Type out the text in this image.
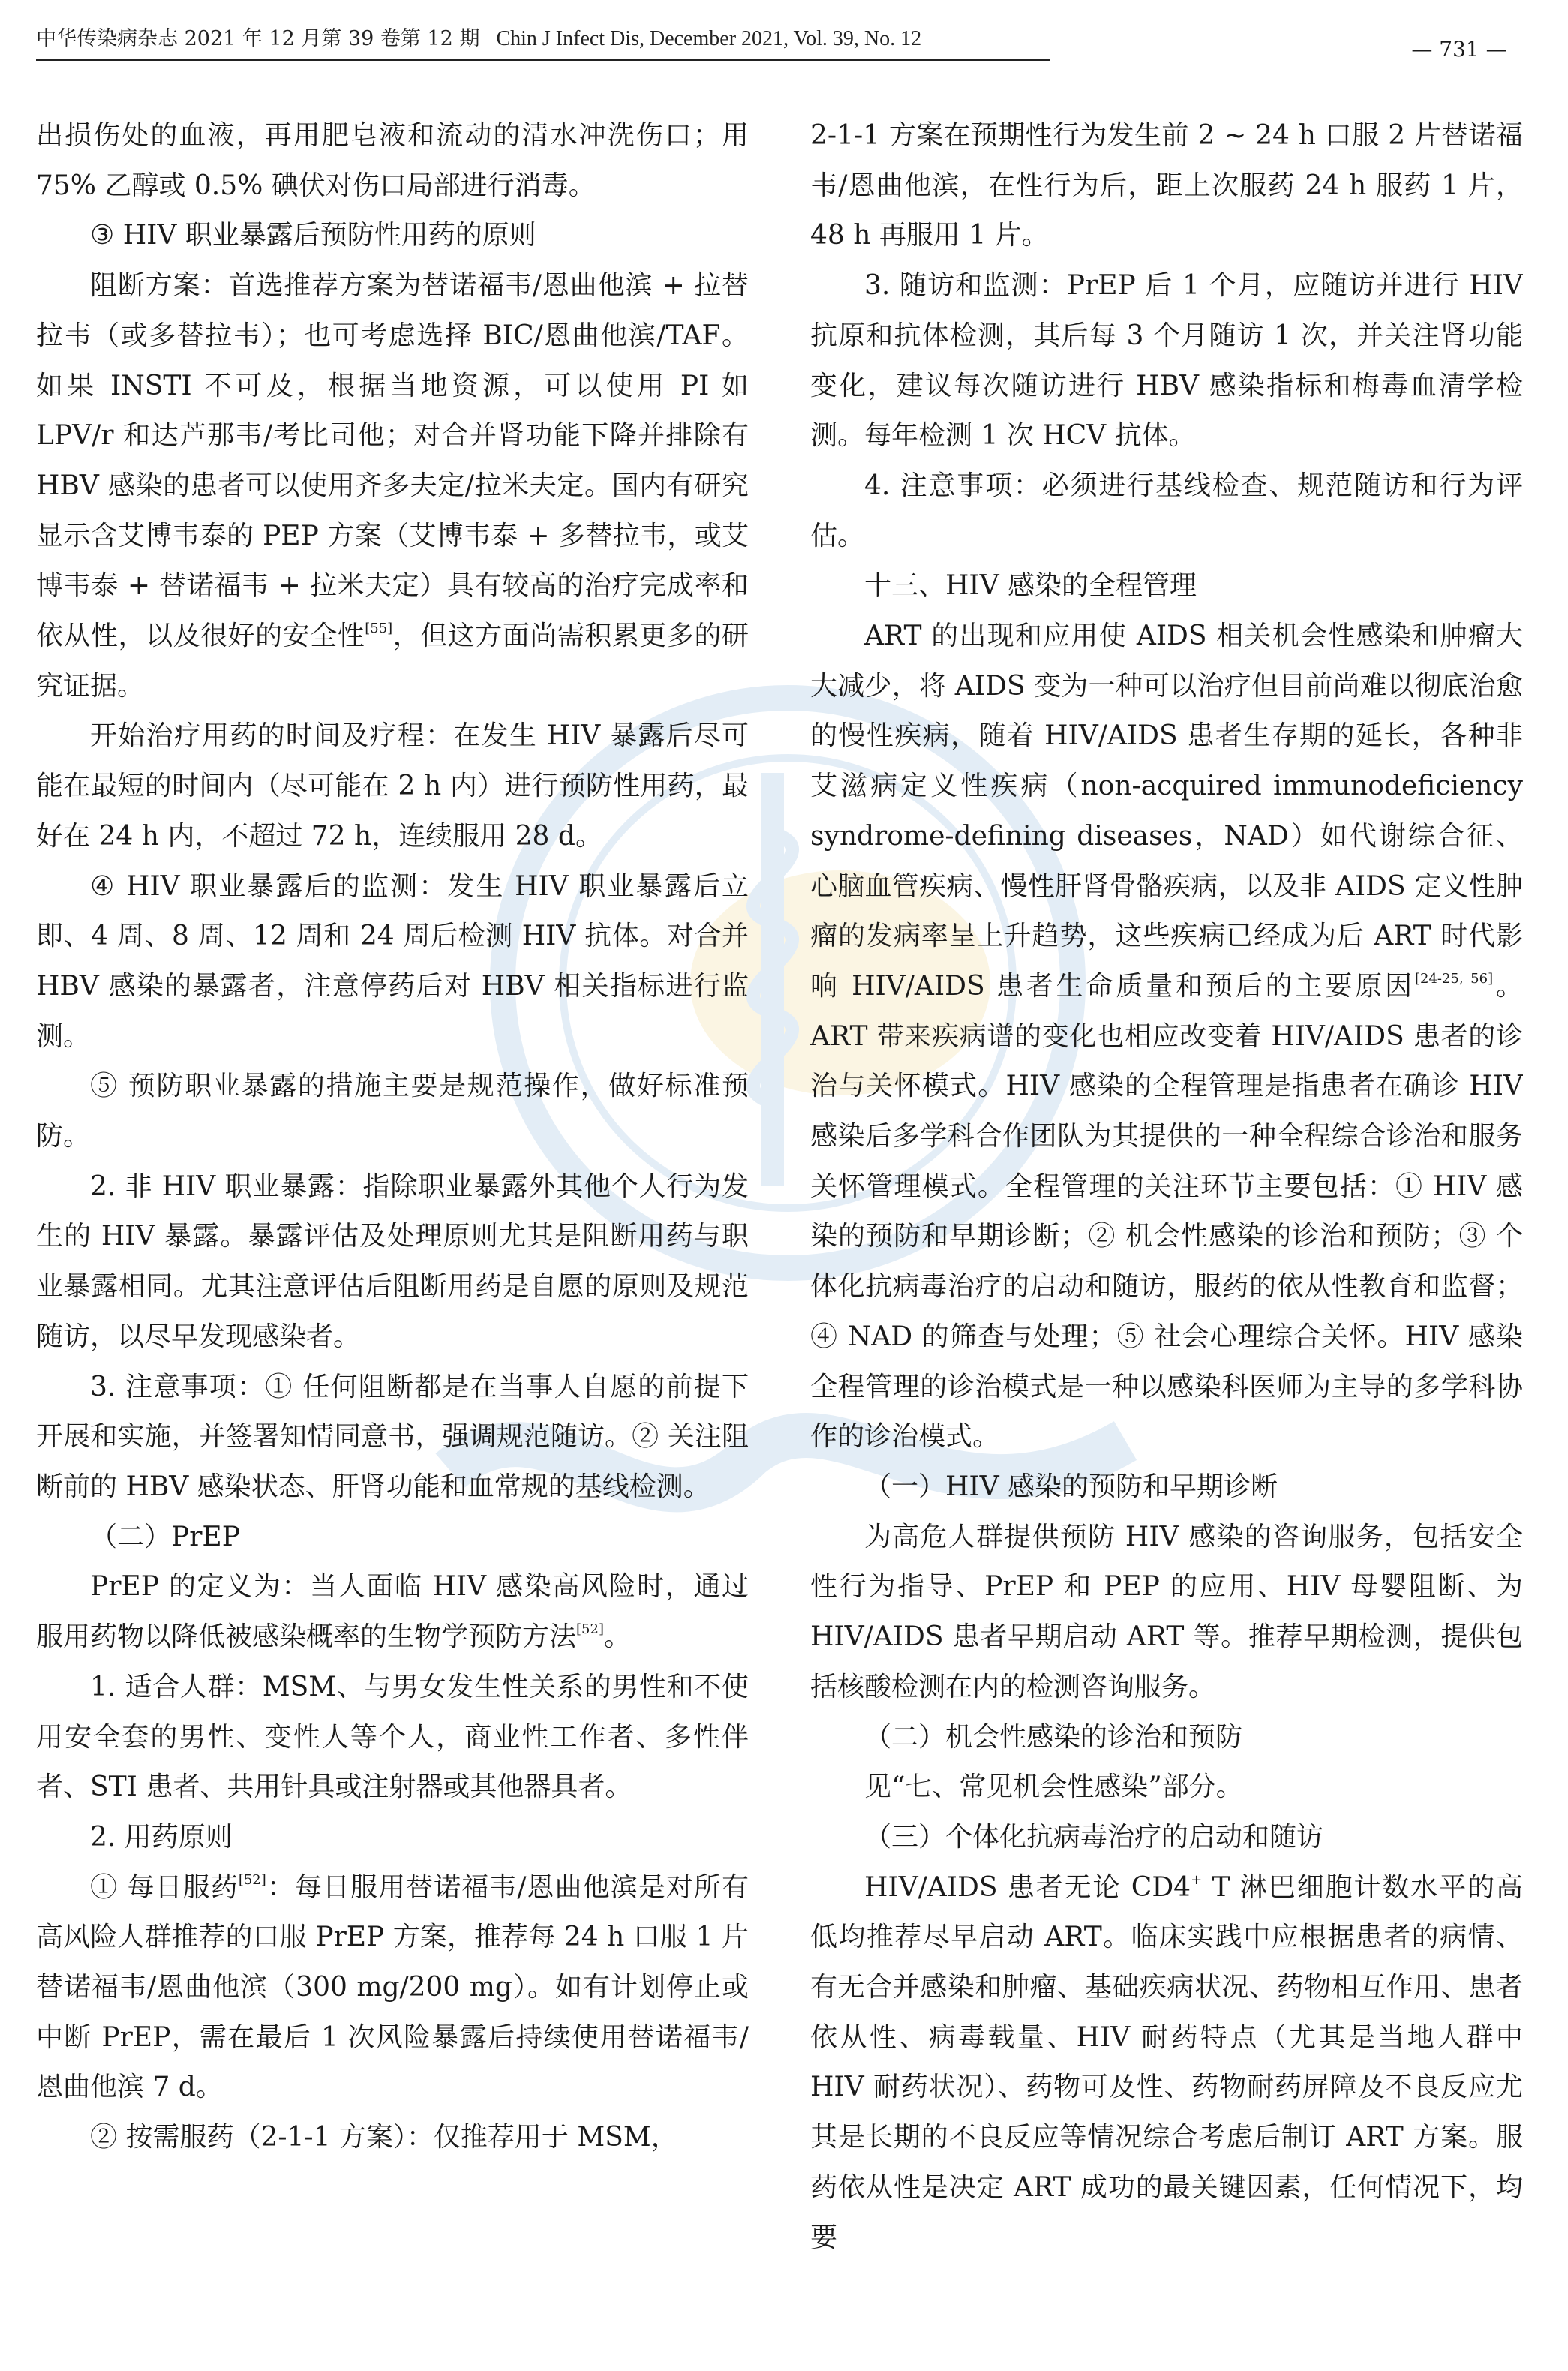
中华传染病杂志 2021 年 12 月第 39 卷第 12 期 Chin J Infect Dis, December 2021, Vol. 39, No. 12	— 731 —

出损伤处的血液，再用肥皂液和流动的清水冲洗伤口；用 75% 乙醇或 0.5% 碘伏对伤口局部进行消毒。

③ HIV 职业暴露后预防性用药的原则

阻断方案：首选推荐方案为替诺福韦/恩曲他滨 + 拉替拉韦（或多替拉韦）；也可考虑选择 BIC/恩曲他滨/TAF。如果 INSTI 不可及，根据当地资源，可以使用 PI 如 LPV/r 和达芦那韦/考比司他；对合并肾功能下降并排除有 HBV 感染的患者可以使用齐多夫定/拉米夫定。国内有研究显示含艾博韦泰的 PEP 方案（艾博韦泰 + 多替拉韦，或艾博韦泰 + 替诺福韦 + 拉米夫定）具有较高的治疗完成率和依从性，以及很好的安全性[55]，但这方面尚需积累更多的研究证据。

开始治疗用药的时间及疗程：在发生 HIV 暴露后尽可能在最短的时间内（尽可能在 2 h 内）进行预防性用药，最好在 24 h 内，不超过 72 h，连续服用 28 d。

④ HIV 职业暴露后的监测：发生 HIV 职业暴露后立即、4 周、8 周、12 周和 24 周后检测 HIV 抗体。对合并 HBV 感染的暴露者，注意停药后对 HBV 相关指标进行监测。

⑤ 预防职业暴露的措施主要是规范操作，做好标准预防。

2. 非 HIV 职业暴露：指除职业暴露外其他个人行为发生的 HIV 暴露。暴露评估及处理原则尤其是阻断用药与职业暴露相同。尤其注意评估后阻断用药是自愿的原则及规范随访，以尽早发现感染者。

3. 注意事项：① 任何阻断都是在当事人自愿的前提下开展和实施，并签署知情同意书，强调规范随访。② 关注阻断前的 HBV 感染状态、肝肾功能和血常规的基线检测。

（二）PrEP

PrEP 的定义为：当人面临 HIV 感染高风险时，通过服用药物以降低被感染概率的生物学预防方法[52]。

1. 适合人群：MSM、与男女发生性关系的男性和不使用安全套的男性、变性人等个人，商业性工作者、多性伴者、STI 患者、共用针具或注射器或其他器具者。

2. 用药原则

① 每日服药[52]：每日服用替诺福韦/恩曲他滨是对所有高风险人群推荐的口服 PrEP 方案，推荐每 24 h 口服 1 片替诺福韦/恩曲他滨（300 mg/200 mg）。如有计划停止或中断 PrEP，需在最后 1 次风险暴露后持续使用替诺福韦/恩曲他滨 7 d。

② 按需服药（2-1-1 方案）：仅推荐用于 MSM，

2-1-1 方案在预期性行为发生前 2 ~ 24 h 口服 2 片替诺福韦/恩曲他滨，在性行为后，距上次服药 24 h 服药 1 片，48 h 再服用 1 片。

3. 随访和监测：PrEP 后 1 个月，应随访并进行 HIV 抗原和抗体检测，其后每 3 个月随访 1 次，并关注肾功能变化，建议每次随访进行 HBV 感染指标和梅毒血清学检测。每年检测 1 次 HCV 抗体。

4. 注意事项：必须进行基线检查、规范随访和行为评估。

十三、HIV 感染的全程管理

ART 的出现和应用使 AIDS 相关机会性感染和肿瘤大大减少，将 AIDS 变为一种可以治疗但目前尚难以彻底治愈的慢性疾病，随着 HIV/AIDS 患者生存期的延长，各种非艾滋病定义性疾病（non-acquired immunodeficiency syndrome-defining diseases，NAD）如代谢综合征、心脑血管疾病、慢性肝肾骨骼疾病，以及非 AIDS 定义性肿瘤的发病率呈上升趋势，这些疾病已经成为后 ART 时代影响 HIV/AIDS 患者生命质量和预后的主要原因[24-25, 56]。ART 带来疾病谱的变化也相应改变着 HIV/AIDS 患者的诊治与关怀模式。HIV 感染的全程管理是指患者在确诊 HIV 感染后多学科合作团队为其提供的一种全程综合诊治和服务关怀管理模式。全程管理的关注环节主要包括：① HIV 感染的预防和早期诊断；② 机会性感染的诊治和预防；③ 个体化抗病毒治疗的启动和随访，服药的依从性教育和监督；④ NAD 的筛查与处理；⑤ 社会心理综合关怀。HIV 感染全程管理的诊治模式是一种以感染科医师为主导的多学科协作的诊治模式。

（一）HIV 感染的预防和早期诊断

为高危人群提供预防 HIV 感染的咨询服务，包括安全性行为指导、PrEP 和 PEP 的应用、HIV 母婴阻断、为 HIV/AIDS 患者早期启动 ART 等。推荐早期检测，提供包括核酸检测在内的检测咨询服务。

（二）机会性感染的诊治和预防

见“七、常见机会性感染”部分。

（三）个体化抗病毒治疗的启动和随访

HIV/AIDS 患者无论 CD4+ T 淋巴细胞计数水平的高低均推荐尽早启动 ART。临床实践中应根据患者的病情、有无合并感染和肿瘤、基础疾病状况、药物相互作用、患者依从性、病毒载量、HIV 耐药特点（尤其是当地人群中 HIV 耐药状况）、药物可及性、药物耐药屏障及不良反应尤其是长期的不良反应等情况综合考虑后制订 ART 方案。服药依从性是决定 ART 成功的最关键因素，任何情况下，均要
